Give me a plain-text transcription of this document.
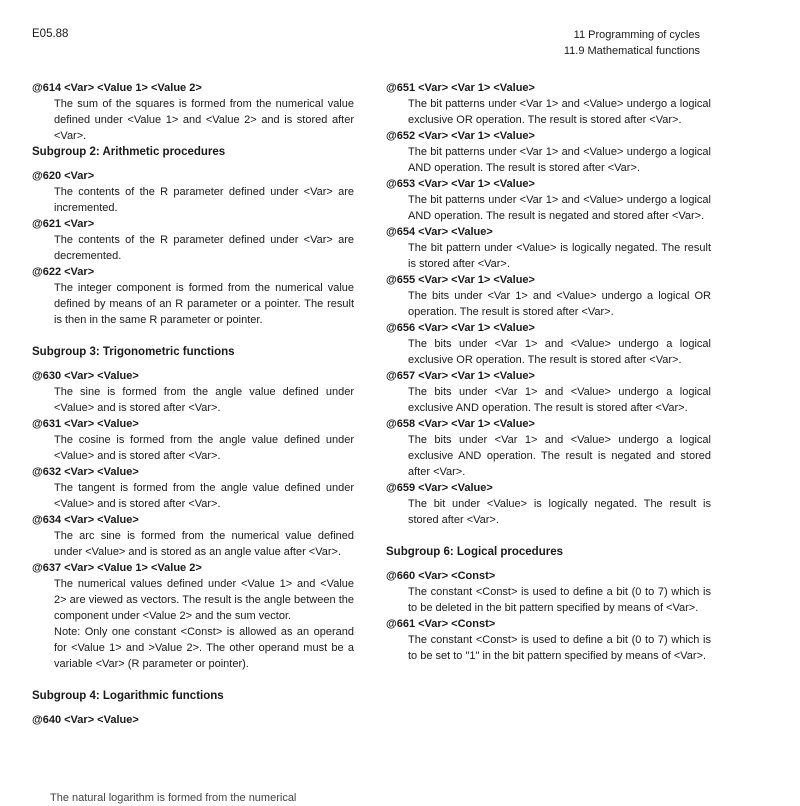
E05.88	11 Programming of cycles
11.9 Mathematical functions

@614 <Var> <Value 1> <Value 2>

The sum of the squares is formed from the numerical value defined under <Value 1> and <Value 2> and is stored after <Var>.

Subgroup 2: Arithmetic procedures

@620 <Var>

The contents of the R parameter defined under <Var> are incremented.

@621 <Var>

The contents of the R parameter defined under <Var> are decremented.

@622 <Var>

The integer component is formed from the numerical value defined by means of an R parameter or a pointer. The result is then in the same R parameter or pointer.

Subgroup 3: Trigonometric functions

@630 <Var> <Value>

The sine is formed from the angle value defined under <Value> and is stored after <Var>.

@631 <Var> <Value>

The cosine is formed from the angle value defined under <Value> and is stored after <Var>.

@632 <Var> <Value>

The tangent is formed from the angle value defined under <Value> and is stored after <Var>.

@634 <Var> <Value>

The arc sine is formed from the numerical value defined under <Value> and is stored as an angle value after <Var>.

@637 <Var> <Value 1> <Value 2>

The numerical values defined under <Value 1> and <Value 2> are viewed as vectors. The result is the angle between the component under <Value 2> and the sum vector.

Note: Only one constant <Const> is allowed as an operand for <Value 1> and >Value 2>. The other operand must be a variable <Var> (R parameter or pointer).

Subgroup 4: Logarithmic functions

@640 <Var> <Value>

@651 <Var> <Var 1> <Value>

The bit patterns under <Var 1> and <Value> undergo a logical exclusive OR operation. The result is stored after <Var>.

@652 <Var> <Var 1> <Value>

The bit patterns under <Var 1> and <Value> undergo a logical AND operation. The result is stored after <Var>.

@653 <Var> <Var 1> <Value>

The bit patterns under <Var 1> and <Value> undergo a logical AND operation. The result is negated and stored after <Var>.

@654 <Var> <Value>

The bit pattern under <Value> is logically negated. The result is stored after <Var>.

@655 <Var> <Var 1> <Value>

The bits under <Var 1> and <Value> undergo a logical OR operation. The result is stored after <Var>.

@656 <Var> <Var 1> <Value>

The bits under <Var 1> and <Value> undergo a logical exclusive OR operation. The result is stored after <Var>.

@657 <Var> <Var 1> <Value>

The bits under <Var 1> and <Value> undergo a logical exclusive AND operation. The result is stored after <Var>.

@658 <Var> <Var 1> <Value>

The bits under <Var 1> and <Value> undergo a logical exclusive AND operation. The result is negated and stored after <Var>.

@659 <Var> <Value>

The bit under <Value> is logically negated. The result is stored after <Var>.

Subgroup 6: Logical procedures

@660 <Var> <Const>

The constant <Const> is used to define a bit (0 to 7) which is to be deleted in the bit pattern specified by means of <Var>.

@661 <Var> <Const>

The constant <Const> is used to define a bit (0 to 7) which is to be set to "1" in the bit pattern specified by means of <Var>.

The natural logarithm is formed from the numerical
